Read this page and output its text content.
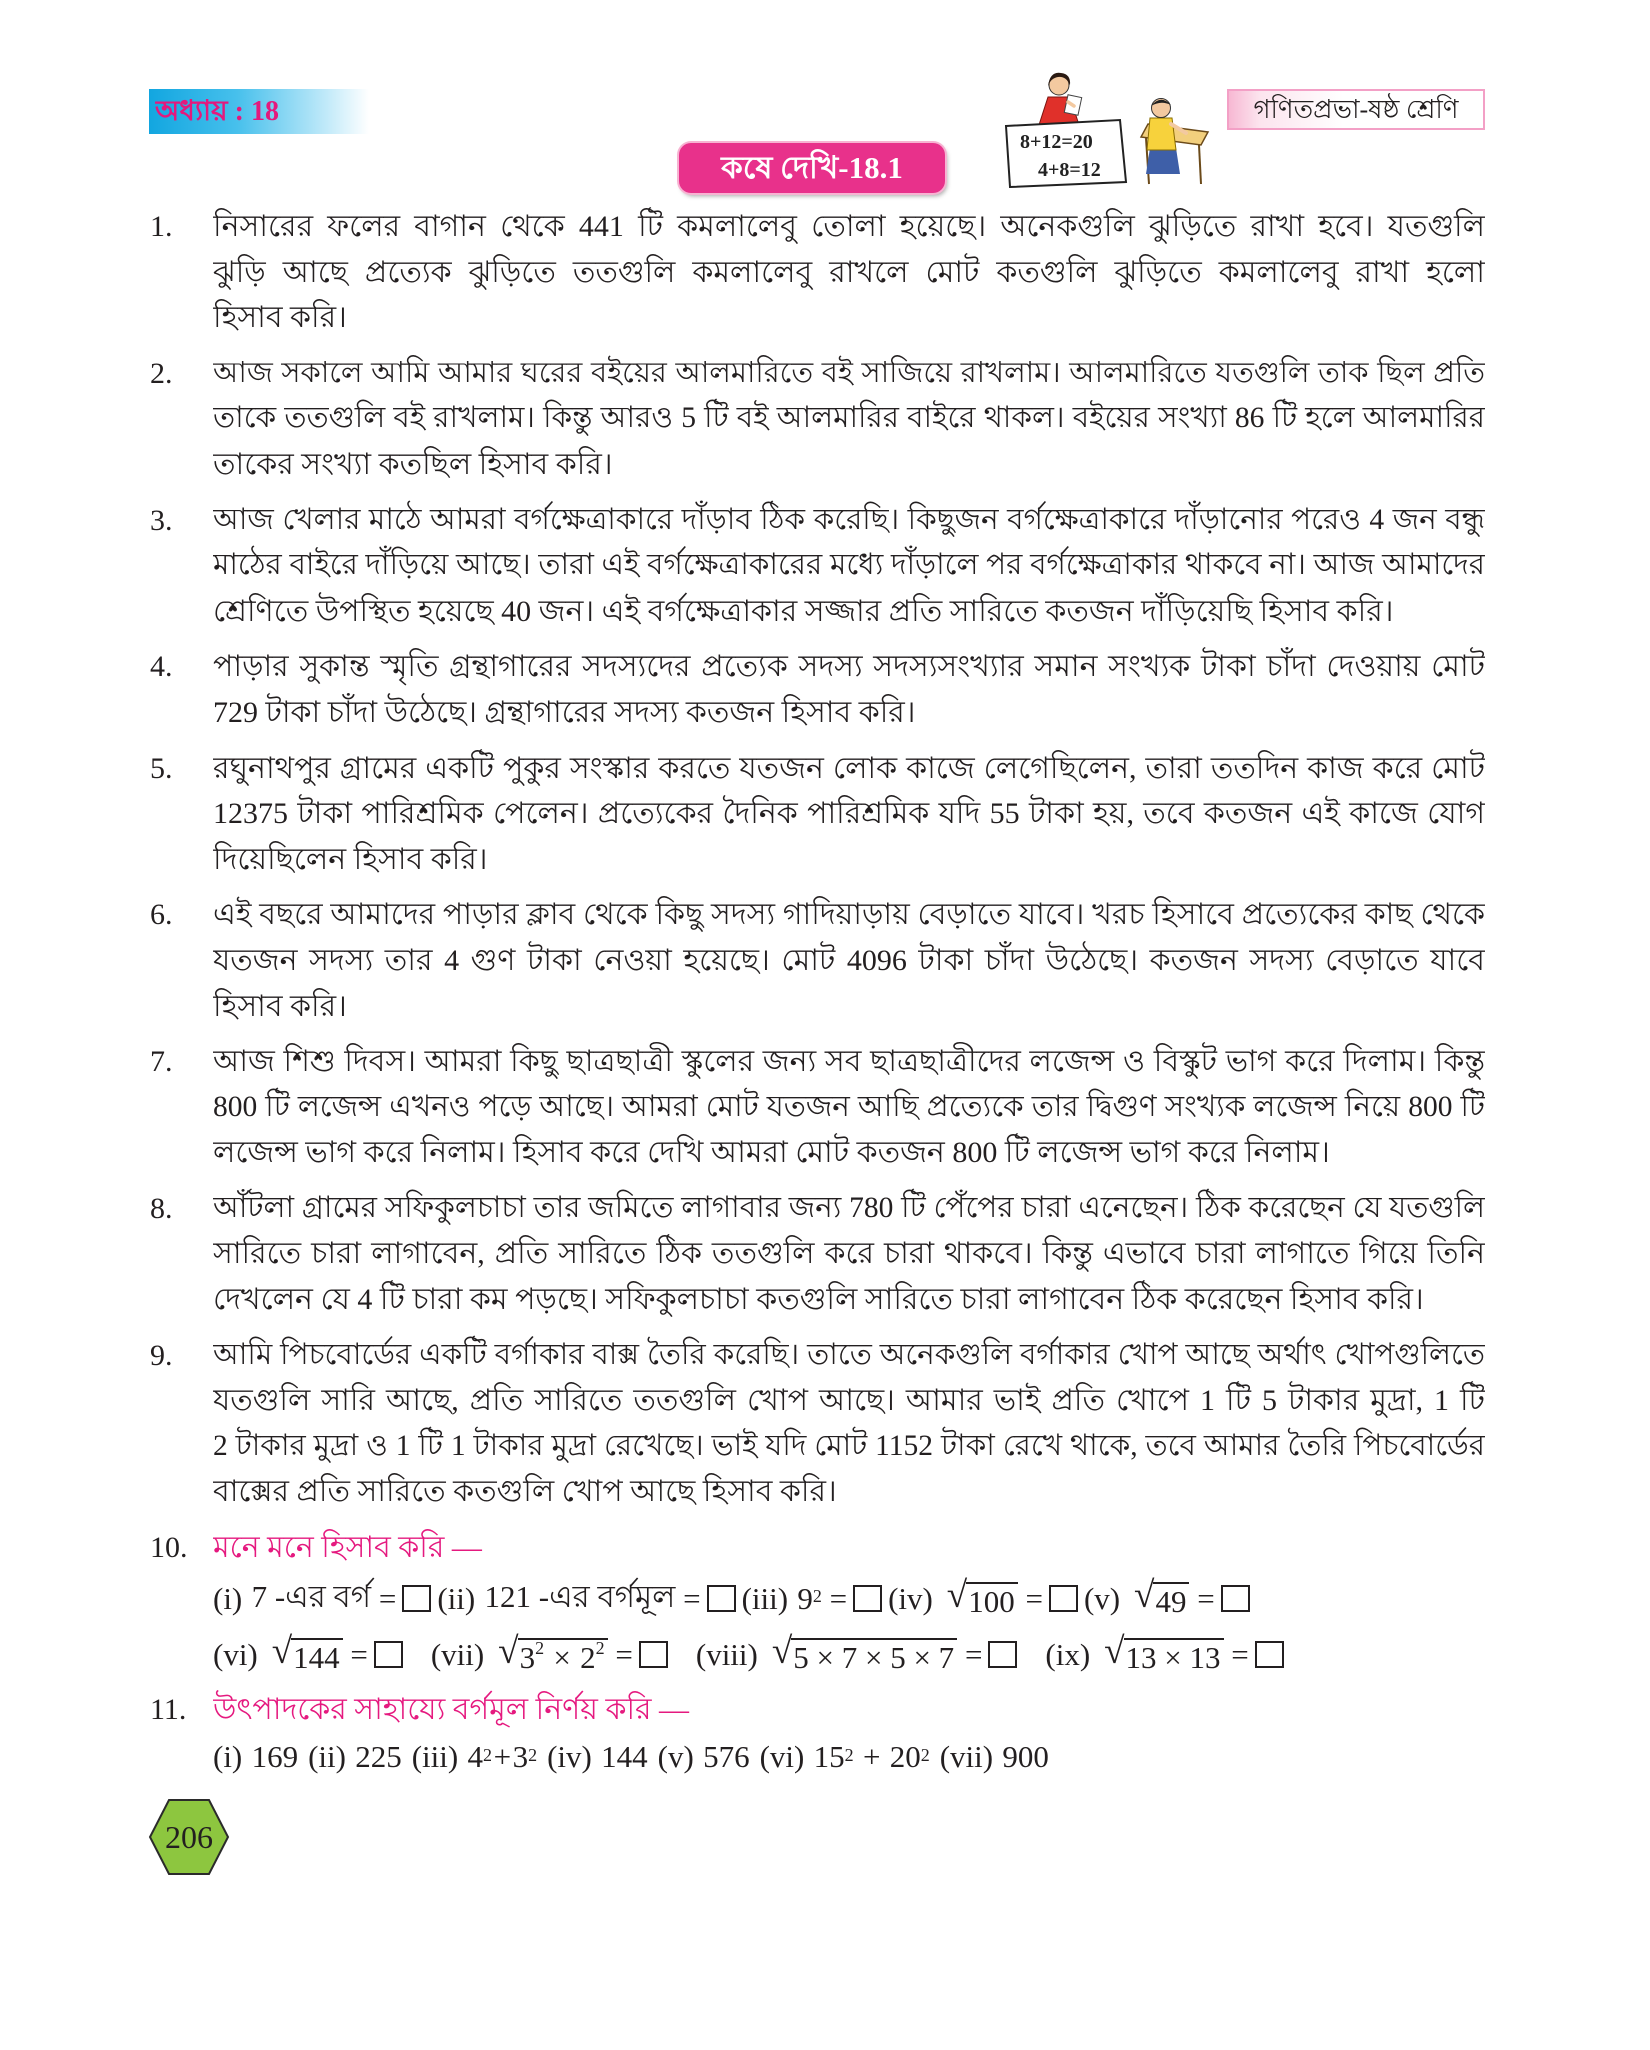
অধ্যায় : 18	গণিতপ্রভা-ষষ্ঠ শ্রেণি
কষে দেখি-18.1
8+12=20
4+8=12
1.	নিসারের ফলের বাগান থেকে 441 টি কমলালেবু তোলা হয়েছে। অনেকগুলি ঝুড়িতে রাখা হবে। যতগুলি
ঝুড়ি আছে প্রত্যেক ঝুড়িতে ততগুলি কমলালেবু রাখলে মোট কতগুলি ঝুড়িতে কমলালেবু রাখা হলো
হিসাব করি।
2.	আজ সকালে আমি আমার ঘরের বইয়ের আলমারিতে বই সাজিয়ে রাখলাম। আলমারিতে যতগুলি তাক ছিল প্রতি
তাকে ততগুলি বই রাখলাম। কিন্তু আরও 5 টি বই আলমারির বাইরে থাকল। বইয়ের সংখ্যা 86 টি হলে আলমারির
তাকের সংখ্যা কতছিল হিসাব করি।
3.	আজ খেলার মাঠে আমরা বর্গক্ষেত্রাকারে দাঁড়াব ঠিক করেছি। কিছুজন বর্গক্ষেত্রাকারে দাঁড়ানোর পরেও 4 জন বন্ধু
মাঠের বাইরে দাঁড়িয়ে আছে। তারা এই বর্গক্ষেত্রাকারের মধ্যে দাঁড়ালে পর বর্গক্ষেত্রাকার থাকবে না। আজ আমাদের
শ্রেণিতে উপস্থিত হয়েছে 40 জন। এই বর্গক্ষেত্রাকার সজ্জার প্রতি সারিতে কতজন দাঁড়িয়েছি হিসাব করি।
4.	পাড়ার সুকান্ত স্মৃতি গ্রন্থাগারের সদস্যদের প্রত্যেক সদস্য সদস্যসংখ্যার সমান সংখ্যক টাকা চাঁদা দেওয়ায় মোট
729 টাকা চাঁদা উঠেছে। গ্রন্থাগারের সদস্য কতজন হিসাব করি।
5.	রঘুনাথপুর গ্রামের একটি পুকুর সংস্কার করতে যতজন লোক কাজে লেগেছিলেন, তারা ততদিন কাজ করে মোট
12375 টাকা পারিশ্রমিক পেলেন। প্রত্যেকের দৈনিক পারিশ্রমিক যদি 55 টাকা হয়, তবে কতজন এই কাজে যোগ
দিয়েছিলেন হিসাব করি।
6.	এই বছরে আমাদের পাড়ার ক্লাব থেকে কিছু সদস্য গাদিয়াড়ায় বেড়াতে যাবে। খরচ হিসাবে প্রত্যেকের কাছ থেকে
যতজন সদস্য তার 4 গুণ টাকা নেওয়া হয়েছে। মোট 4096 টাকা চাঁদা উঠেছে। কতজন সদস্য বেড়াতে যাবে
হিসাব করি।
7.	আজ শিশু দিবস। আমরা কিছু ছাত্রছাত্রী স্কুলের জন্য সব ছাত্রছাত্রীদের লজেন্স ও বিস্কুট ভাগ করে দিলাম। কিন্তু
800 টি লজেন্স এখনও পড়ে আছে। আমরা মোট যতজন আছি প্রত্যেকে তার দ্বিগুণ সংখ্যক লজেন্স নিয়ে 800 টি
লজেন্স ভাগ করে নিলাম। হিসাব করে দেখি আমরা মোট কতজন 800 টি লজেন্স ভাগ করে নিলাম।
8.	আঁটলা গ্রামের সফিকুলচাচা তার জমিতে লাগাবার জন্য 780 টি পেঁপের চারা এনেছেন। ঠিক করেছেন যে যতগুলি
সারিতে চারা লাগাবেন, প্রতি সারিতে ঠিক ততগুলি করে চারা থাকবে। কিন্তু এভাবে চারা লাগাতে গিয়ে তিনি
দেখলেন যে 4 টি চারা কম পড়ছে। সফিকুলচাচা কতগুলি সারিতে চারা লাগাবেন ঠিক করেছেন হিসাব করি।
9.	আমি পিচবোর্ডের একটি বর্গাকার বাক্স তৈরি করেছি। তাতে অনেকগুলি বর্গাকার খোপ আছে অর্থাৎ খোপগুলিতে
যতগুলি সারি আছে, প্রতি সারিতে ততগুলি খোপ আছে। আমার ভাই প্রতি খোপে 1 টি 5 টাকার মুদ্রা, 1 টি
2 টাকার মুদ্রা ও 1 টি 1 টাকার মুদ্রা রেখেছে। ভাই যদি মোট 1152 টাকা রেখে থাকে, তবে আমার তৈরি পিচবোর্ডের
বাক্সের প্রতি সারিতে কতগুলি খোপ আছে হিসাব করি।
10. মনে মনে হিসাব করি —
(i) 7 -এর বর্গ = (ii) 121 -এর বর্গমূল = (iii) $9^2 = (iv)$ √ 100 = (v) √ 49 =
(vi) √ 144 = (vii) √ $3^2 \times 2^2$ = (viii) √ 5 × 7 × 5 × 7 = (ix) √ 13 × 13 =
11. উৎপাদকের সাহায্যে বর্গমূল নির্ণয় করি —
(i) 169 (ii) 225 (iii) $4^2 + 3^2$ (iv) 144 (v) 576 (vi) $15^2 + 20^2$ (vii) 900
206
